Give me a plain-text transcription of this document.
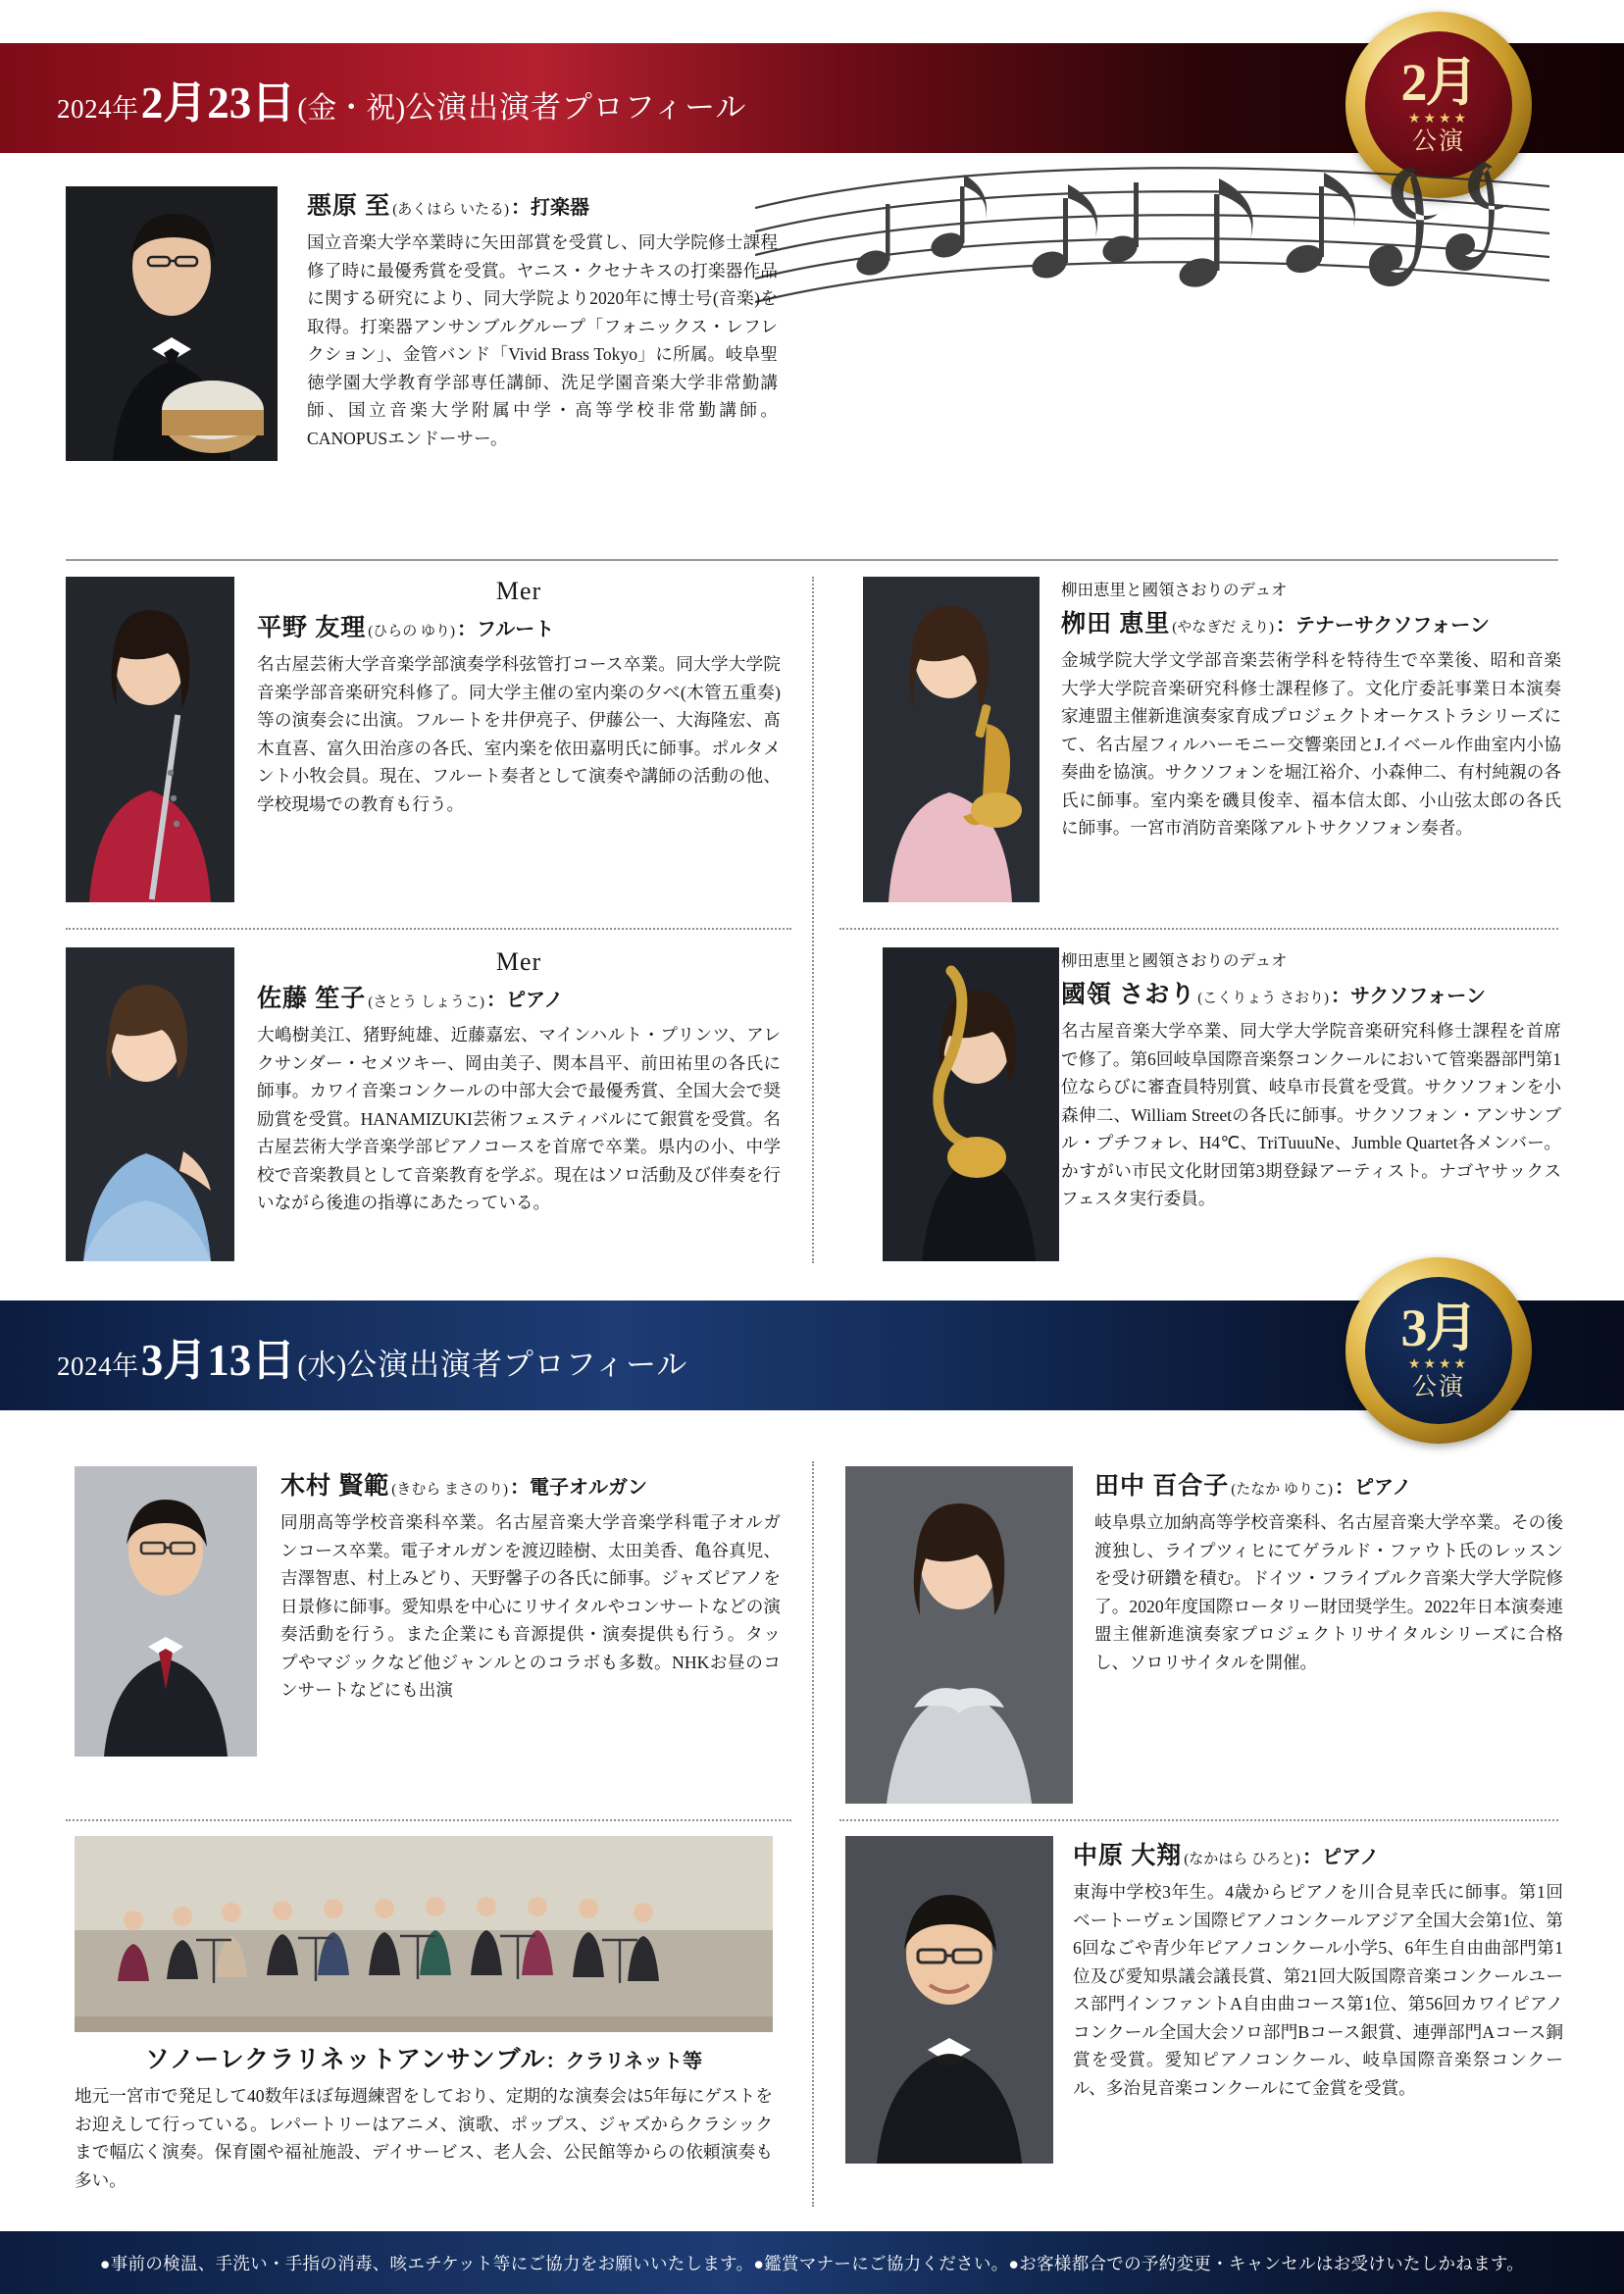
2024年 2月23日 (金・祝) 公演出演者プロフィール	2月
★★★★
公演
悪原 至 (あくはら いたる) ：打楽器
国立音楽大学卒業時に矢田部賞を受賞し、同大学院修士課程修了時に最優秀賞を受賞。ヤニス・クセナキスの打楽器作品に関する研究により、同大学院より2020年に博士号(音楽)を取得。打楽器アンサンブルグループ「フォニックス・レフレクション」、金管バンド「Vivid Brass Tokyo」に所属。岐阜聖徳学園大学教育学部専任講師、洗足学園音楽大学非常勤講師、国立音楽大学附属中学・高等学校非常勤講師。CANOPUSエンドーサー。
Mer
平野 友理 (ひらの ゆり) ：フルート
名古屋芸術大学音楽学部演奏学科弦管打コース卒業。同大学大学院音楽学部音楽研究科修了。同大学主催の室内楽の夕べ(木管五重奏)等の演奏会に出演。フルートを井伊亮子、伊藤公一、大海隆宏、髙木直喜、富久田治彦の各氏、室内楽を依田嘉明氏に師事。ポルタメント小牧会員。現在、フルート奏者として演奏や講師の活動の他、学校現場での教育も行う。
柳田恵里と國領さおりのデュオ
栁田 恵里 (やなぎだ えり) ：テナーサクソフォーン
金城学院大学文学部音楽芸術学科を特待生で卒業後、昭和音楽大学大学院音楽研究科修士課程修了。文化庁委託事業日本演奏家連盟主催新進演奏家育成プロジェクトオーケストラシリーズにて、名古屋フィルハーモニー交響楽団とJ.イベール作曲室内小協奏曲を協演。サクソフォンを堀江裕介、小森伸二、有村純親の各氏に師事。室内楽を磯貝俊幸、福本信太郎、小山弦太郎の各氏に師事。一宮市消防音楽隊アルトサクソフォン奏者。
Mer
佐藤 笙子 (さとう しょうこ) ：ピアノ
大嶋樹美江、猪野純雄、近藤嘉宏、マインハルト・プリンツ、アレクサンダー・セメツキー、岡由美子、関本昌平、前田祐里の各氏に師事。カワイ音楽コンクールの中部大会で最優秀賞、全国大会で奨励賞を受賞。HANAMIZUKI芸術フェスティバルにて銀賞を受賞。名古屋芸術大学音楽学部ピアノコースを首席で卒業。県内の小、中学校で音楽教員として音楽教育を学ぶ。現在はソロ活動及び伴奏を行いながら後進の指導にあたっている。
柳田恵里と國領さおりのデュオ
國領 さおり (こくりょう さおり) ：サクソフォーン
名古屋音楽大学卒業、同大学大学院音楽研究科修士課程を首席で修了。第6回岐阜国際音楽祭コンクールにおいて管楽器部門第1位ならびに審査員特別賞、岐阜市長賞を受賞。サクソフォンを小森伸二、William Streetの各氏に師事。サクソフォン・アンサンブル・プチフォレ、H4℃、TriTuuuNe、Jumble Quartet各メンバー。かすがい市民文化財団第3期登録アーティスト。ナゴヤサックスフェスタ実行委員。
2024年 3月13日 (水) 公演出演者プロフィール
3月
★★★★
公演
木村 賢範 (きむら まさのり) ：電子オルガン
同朋高等学校音楽科卒業。名古屋音楽大学音楽学科電子オルガンコース卒業。電子オルガンを渡辺睦樹、太田美香、亀谷真児、吉澤智恵、村上みどり、天野馨子の各氏に師事。ジャズピアノを日景修に師事。愛知県を中心にリサイタルやコンサートなどの演奏活動を行う。また企業にも音源提供・演奏提供も行う。タップやマジックなど他ジャンルとのコラボも多数。NHKお昼のコンサートなどにも出演
田中 百合子 (たなか ゆりこ) ：ピアノ
岐阜県立加納高等学校音楽科、名古屋音楽大学卒業。その後渡独し、ライプツィヒにてゲラルド・ファウト氏のレッスンを受け研鑽を積む。ドイツ・フライブルク音楽大学大学院修了。2020年度国際ロータリー財団奨学生。2022年日本演奏連盟主催新進演奏家プロジェクトリサイタルシリーズに合格し、ソロリサイタルを開催。
ソノーレクラリネットアンサンブル ：クラリネット等
地元一宮市で発足して40数年ほぼ毎週練習をしており、定期的な演奏会は5年毎にゲストをお迎えして行っている。レパートリーはアニメ、演歌、ポップス、ジャズからクラシックまで幅広く演奏。保育園や福祉施設、デイサービス、老人会、公民館等からの依頼演奏も多い。
中原 大翔 (なかはら ひろと) ：ピアノ
東海中学校3年生。4歳からピアノを川合見幸氏に師事。第1回ベートーヴェン国際ピアノコンクールアジア全国大会第1位、第6回なごや青少年ピアノコンクール小学5、6年生自由曲部門第1位及び愛知県議会議長賞、第21回大阪国際音楽コンクールユース部門インファントA自由曲コース第1位、第56回カワイピアノコンクール全国大会ソロ部門Bコース銀賞、連弾部門Aコース銅賞を受賞。愛知ピアノコンクール、岐阜国際音楽祭コンクール、多治見音楽コンクールにて金賞を受賞。
●事前の検温、手洗い・手指の消毒、咳エチケット等にご協力をお願いいたします。●鑑賞マナーにご協力ください。●お客様都合での予約変更・キャンセルはお受けいたしかねます。
